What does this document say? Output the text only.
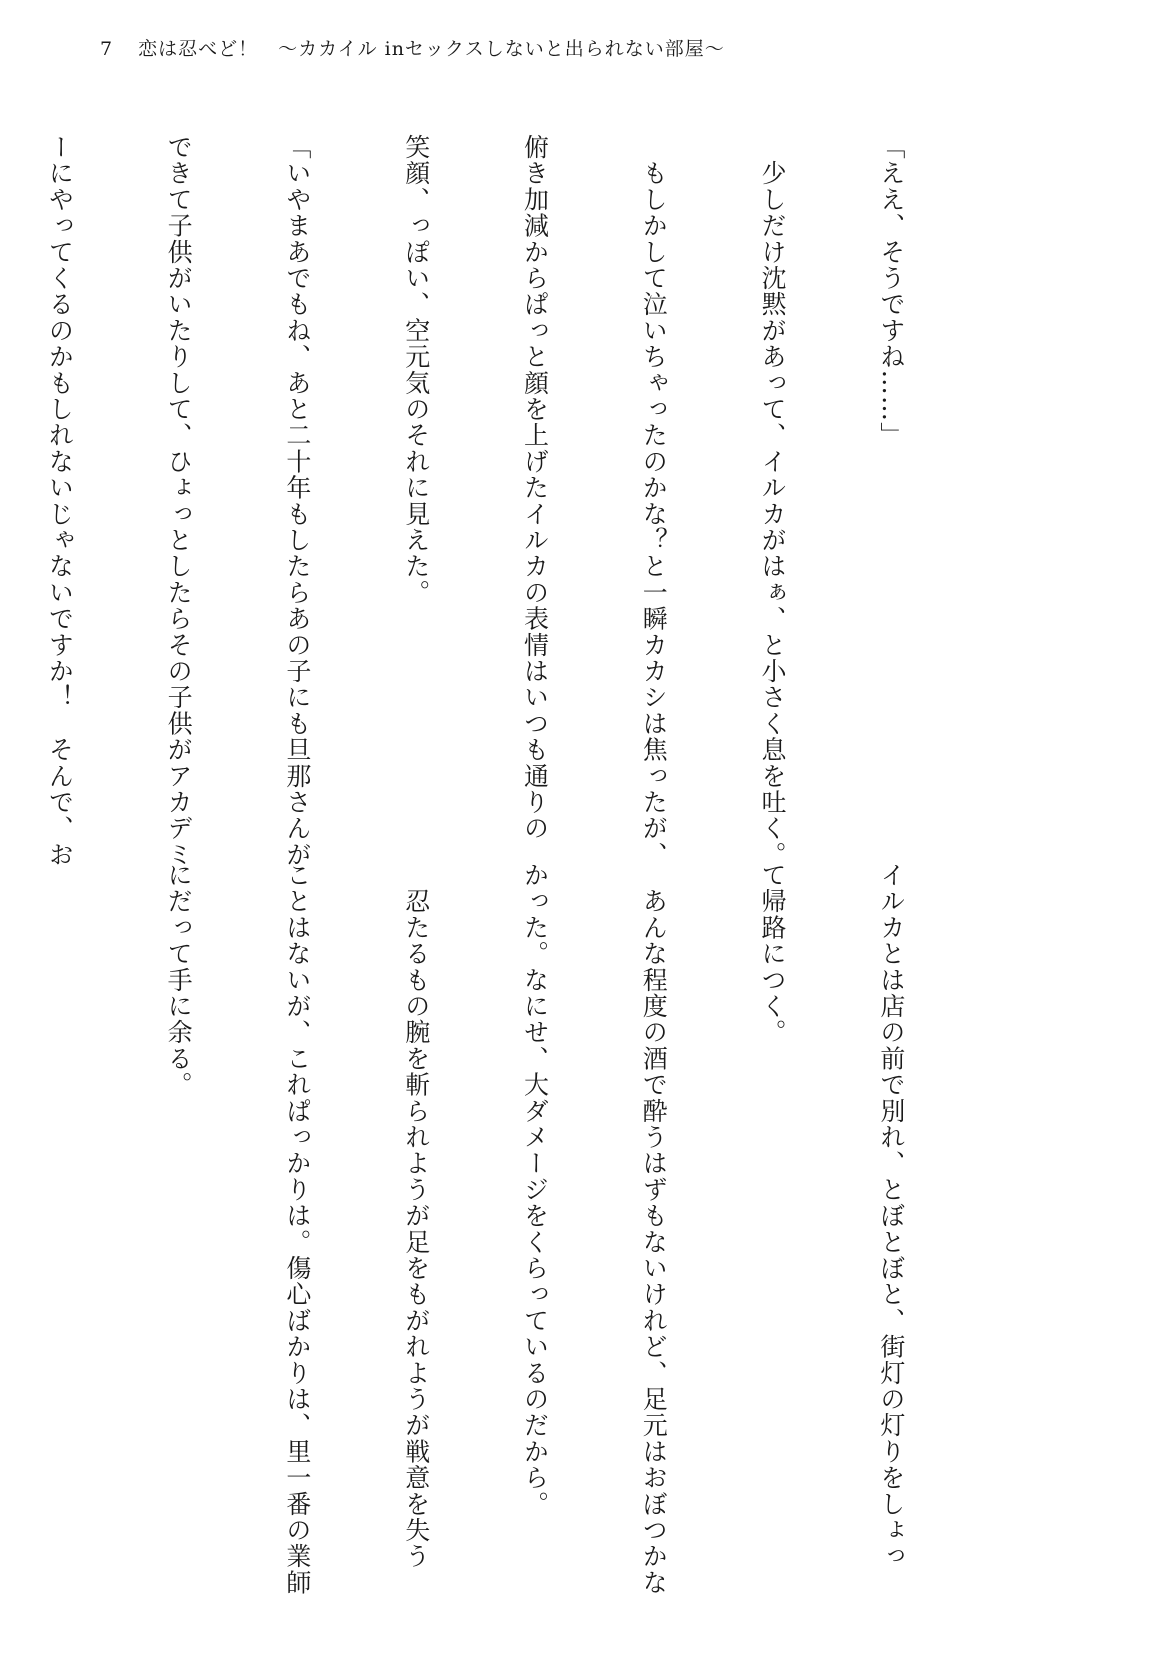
7 恋は忍べど！　～カカイル inセックスしないと出られない部屋～

「ええ、そうですね……」

　少しだけ沈黙があって、イルカがはぁ、と小さく息を吐く。

　もしかして泣いちゃったのかな？と一瞬カカシは焦ったが、

俯き加減からぱっと顔を上げたイルカの表情はいつも通りの

笑顔、っぽい、空元気のそれに見えた。

「いやまあでもね、あと二十年もしたらあの子にも旦那さんが

できて子供がいたりして、ひょっとしたらその子供がアカデミ

ーにやってくるのかもしれないじゃないですか！　そんで、お

イルカとは店の前で別れ、とぼとぼと、街灯の灯りをしょっ

て帰路につく。

　あんな程度の酒で酔うはずもないけれど、足元はおぼつかな

かった。なにせ、大ダメージをくらっているのだから。

　忍たるもの腕を斬られようが足をもがれようが戦意を失う

ことはないが、これぱっかりは。傷心ばかりは、里一番の業師

にだって手に余る。
